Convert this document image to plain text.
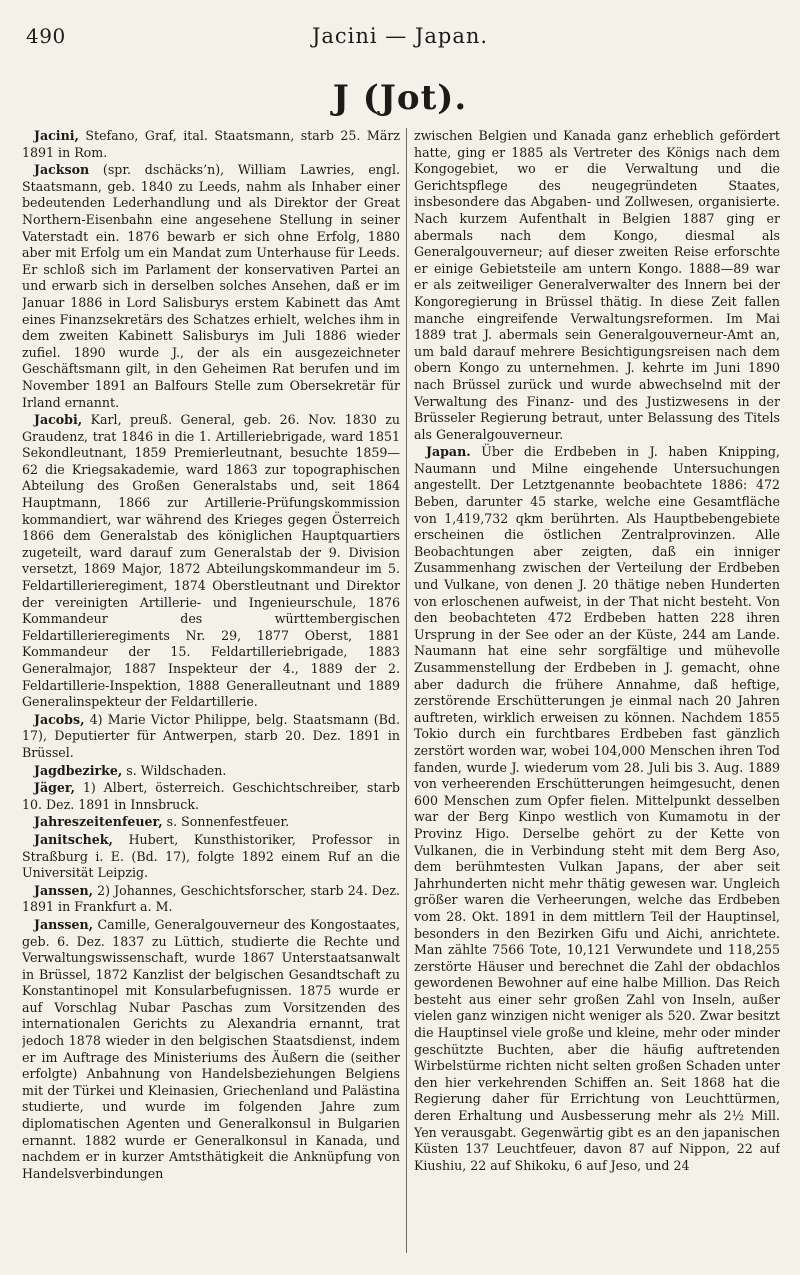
490	Jacini — Japan.
J (Jot).

Jacini, Stefano, Graf, ital. Staatsmann, starb 25. März 1891 in Rom.

Jackson (spr. dschäcks’n), William Lawries, engl. Staatsmann, geb. 1840 zu Leeds, nahm als Inhaber einer bedeutenden Lederhandlung und als Direktor der Great Northern-Eisenbahn eine angesehene Stellung in seiner Vaterstadt ein. 1876 bewarb er sich ohne Erfolg, 1880 aber mit Erfolg um ein Mandat zum Unterhause für Leeds. Er schloß sich im Parlament der konservativen Partei an und erwarb sich in derselben solches Ansehen, daß er im Januar 1886 in Lord Salisburys erstem Kabinett das Amt eines Finanzsekretärs des Schatzes erhielt, welches ihm in dem zweiten Kabinett Salisburys im Juli 1886 wieder zufiel. 1890 wurde J., der als ein ausgezeichneter Geschäftsmann gilt, in den Geheimen Rat berufen und im November 1891 an Balfours Stelle zum Obersekretär für Irland ernannt.

Jacobi, Karl, preuß. General, geb. 26. Nov. 1830 zu Graudenz, trat 1846 in die 1. Artilleriebrigade, ward 1851 Sekondleutnant, 1859 Premierleutnant, besuchte 1859—62 die Kriegsakademie, ward 1863 zur topographischen Abteilung des Großen Generalstabs und, seit 1864 Hauptmann, 1866 zur Artillerie-Prüfungskommission kommandiert, war während des Krieges gegen Österreich 1866 dem Generalstab des königlichen Hauptquartiers zugeteilt, ward darauf zum Generalstab der 9. Division versetzt, 1869 Major, 1872 Abteilungskommandeur im 5. Feldartillerieregiment, 1874 Oberstleutnant und Direktor der vereinigten Artillerie- und Ingenieurschule, 1876 Kommandeur des württembergischen Feldartillerieregiments Nr. 29, 1877 Oberst, 1881 Kommandeur der 15. Feldartilleriebrigade, 1883 Generalmajor, 1887 Inspekteur der 4., 1889 der 2. Feldartillerie-Inspektion, 1888 Generalleutnant und 1889 Generalinspekteur der Feldartillerie.

Jacobs, 4) Marie Victor Philippe, belg. Staatsmann (Bd. 17), Deputierter für Antwerpen, starb 20. Dez. 1891 in Brüssel.

Jagdbezirke, s. Wildschaden.

Jäger, 1) Albert, österreich. Geschichtschreiber, starb 10. Dez. 1891 in Innsbruck.

Jahreszeitenfeuer, s. Sonnenfestfeuer.

Janitschek, Hubert, Kunsthistoriker, Professor in Straßburg i. E. (Bd. 17), folgte 1892 einem Ruf an die Universität Leipzig.

Janssen, 2) Johannes, Geschichtsforscher, starb 24. Dez. 1891 in Frankfurt a. M.

Janssen, Camille, Generalgouverneur des Kongostaates, geb. 6. Dez. 1837 zu Lüttich, studierte die Rechte und Verwaltungswissenschaft, wurde 1867 Unterstaatsanwalt in Brüssel, 1872 Kanzlist der belgischen Gesandtschaft zu Konstantinopel mit Konsularbefugnissen. 1875 wurde er auf Vorschlag Nubar Paschas zum Vorsitzenden des internationalen Gerichts zu Alexandria ernannt, trat jedoch 1878 wieder in den belgischen Staatsdienst, indem er im Auftrage des Ministeriums des Äußern die (seither erfolgte) Anbahnung von Handelsbeziehungen Belgiens mit der Türkei und Kleinasien, Griechenland und Palästina studierte, und wurde im folgenden Jahre zum diplomatischen Agenten und Generalkonsul in Bulgarien ernannt. 1882 wurde er Generalkonsul in Kanada, und nachdem er in kurzer Amtsthätigkeit die Anknüpfung von Handelsverbindungen

zwischen Belgien und Kanada ganz erheblich gefördert hatte, ging er 1885 als Vertreter des Königs nach dem Kongogebiet, wo er die Verwaltung und die Gerichtspflege des neugegründeten Staates, insbesondere das Abgaben- und Zollwesen, organisierte. Nach kurzem Aufenthalt in Belgien 1887 ging er abermals nach dem Kongo, diesmal als Generalgouverneur; auf dieser zweiten Reise erforschte er einige Gebietsteile am untern Kongo. 1888—89 war er als zeitweiliger Generalverwalter des Innern bei der Kongoregierung in Brüssel thätig. In diese Zeit fallen manche eingreifende Verwaltungsreformen. Im Mai 1889 trat J. abermals sein Generalgouverneur-Amt an, um bald darauf mehrere Besichtigungsreisen nach dem obern Kongo zu unternehmen. J. kehrte im Juni 1890 nach Brüssel zurück und wurde abwechselnd mit der Verwaltung des Finanz- und des Justizwesens in der Brüsseler Regierung betraut, unter Belassung des Titels als Generalgouverneur.

Japan. Über die Erdbeben in J. haben Knipping, Naumann und Milne eingehende Untersuchungen angestellt. Der Letztgenannte beobachtete 1886: 472 Beben, darunter 45 starke, welche eine Gesamtfläche von 1,419,732 qkm berührten. Als Hauptbebengebiete erscheinen die östlichen Zentralprovinzen. Alle Beobachtungen aber zeigten, daß ein inniger Zusammenhang zwischen der Verteilung der Erdbeben und Vulkane, von denen J. 20 thätige neben Hunderten von erloschenen aufweist, in der That nicht besteht. Von den beobachteten 472 Erdbeben hatten 228 ihren Ursprung in der See oder an der Küste, 244 am Lande. Naumann hat eine sehr sorgfältige und mühevolle Zusammenstellung der Erdbeben in J. gemacht, ohne aber dadurch die frühere Annahme, daß heftige, zerstörende Erschütterungen je einmal nach 20 Jahren auftreten, wirklich erweisen zu können. Nachdem 1855 Tokio durch ein furchtbares Erdbeben fast gänzlich zerstört worden war, wobei 104,000 Menschen ihren Tod fanden, wurde J. wiederum vom 28. Juli bis 3. Aug. 1889 von verheerenden Erschütterungen heimgesucht, denen 600 Menschen zum Opfer fielen. Mittelpunkt desselben war der Berg Kinpo westlich von Kumamotu in der Provinz Higo. Derselbe gehört zu der Kette von Vulkanen, die in Verbindung steht mit dem Berg Aso, dem berühmtesten Vulkan Japans, der aber seit Jahrhunderten nicht mehr thätig gewesen war. Ungleich größer waren die Verheerungen, welche das Erdbeben vom 28. Okt. 1891 in dem mittlern Teil der Hauptinsel, besonders in den Bezirken Gifu und Aichi, anrichtete. Man zählte 7566 Tote, 10,121 Verwundete und 118,255 zerstörte Häuser und berechnet die Zahl der obdachlos gewordenen Bewohner auf eine halbe Million. Das Reich besteht aus einer sehr großen Zahl von Inseln, außer vielen ganz winzigen nicht weniger als 520. Zwar besitzt die Hauptinsel viele große und kleine, mehr oder minder geschützte Buchten, aber die häufig auftretenden Wirbelstürme richten nicht selten großen Schaden unter den hier verkehrenden Schiffen an. Seit 1868 hat die Regierung daher für Errichtung von Leuchttürmen, deren Erhaltung und Ausbesserung mehr als 2½ Mill. Yen verausgabt. Gegenwärtig gibt es an den japanischen Küsten 137 Leuchtfeuer, davon 87 auf Nippon, 22 auf Kiushiu, 22 auf Shikoku, 6 auf Jeso, und 24
